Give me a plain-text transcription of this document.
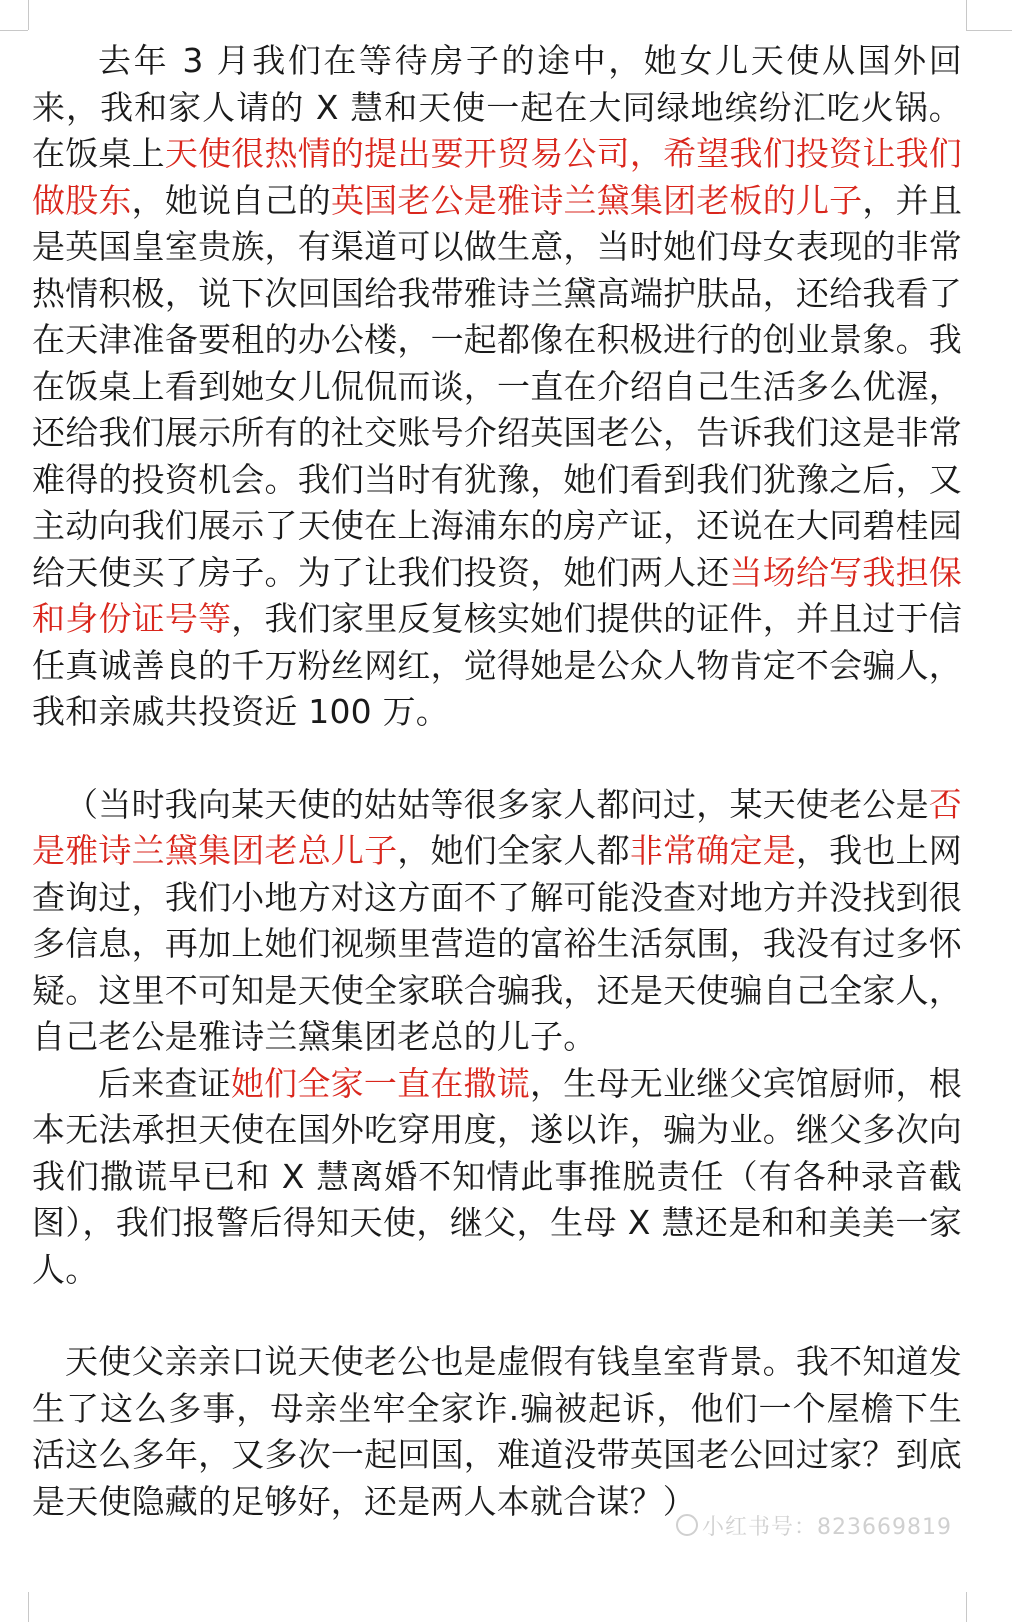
去年 3 月我们在等待房子的途中，她女儿天使从国外回来，我和家人请的 X 慧和天使一起在大同绿地缤纷汇吃火锅。在饭桌上天使很热情的提出要开贸易公司，希望我们投资让我们做股东，她说自己的英国老公是雅诗兰黛集团老板的儿子，并且是英国皇室贵族，有渠道可以做生意，当时她们母女表现的非常热情积极，说下次回国给我带雅诗兰黛高端护肤品，还给我看了在天津准备要租的办公楼，一起都像在积极进行的创业景象。我在饭桌上看到她女儿侃侃而谈，一直在介绍自己生活多么优渥，还给我们展示所有的社交账号介绍英国老公，告诉我们这是非常难得的投资机会。我们当时有犹豫，她们看到我们犹豫之后，又主动向我们展示了天使在上海浦东的房产证，还说在大同碧桂园给天使买了房子。为了让我们投资，她们两人还当场给写我担保和身份证号等，我们家里反复核实她们提供的证件，并且过于信任真诚善良的千万粉丝网红，觉得她是公众人物肯定不会骗人，我和亲戚共投资近 100 万。

（当时我向某天使的姑姑等很多家人都问过，某天使老公是否是雅诗兰黛集团老总儿子，她们全家人都非常确定是，我也上网查询过，我们小地方对这方面不了解可能没查对地方并没找到很多信息，再加上她们视频里营造的富裕生活氛围，我没有过多怀疑。这里不可知是天使全家联合骗我，还是天使骗自己全家人，自己老公是雅诗兰黛集团老总的儿子。

后来查证她们全家一直在撒谎，生母无业继父宾馆厨师，根本无法承担天使在国外吃穿用度，遂以诈，骗为业。继父多次向我们撒谎早已和 X 慧离婚不知情此事推脱责任（有各种录音截图），我们报警后得知天使，继父，生母 X 慧还是和和美美一家人。

天使父亲亲口说天使老公也是虚假有钱皇室背景。我不知道发生了这么多事，母亲坐牢全家诈.骗被起诉，他们一个屋檐下生活这么多年，又多次一起回国，难道没带英国老公回过家？到底是天使隐藏的足够好，还是两人本就合谋？）

小红书号：823669819
